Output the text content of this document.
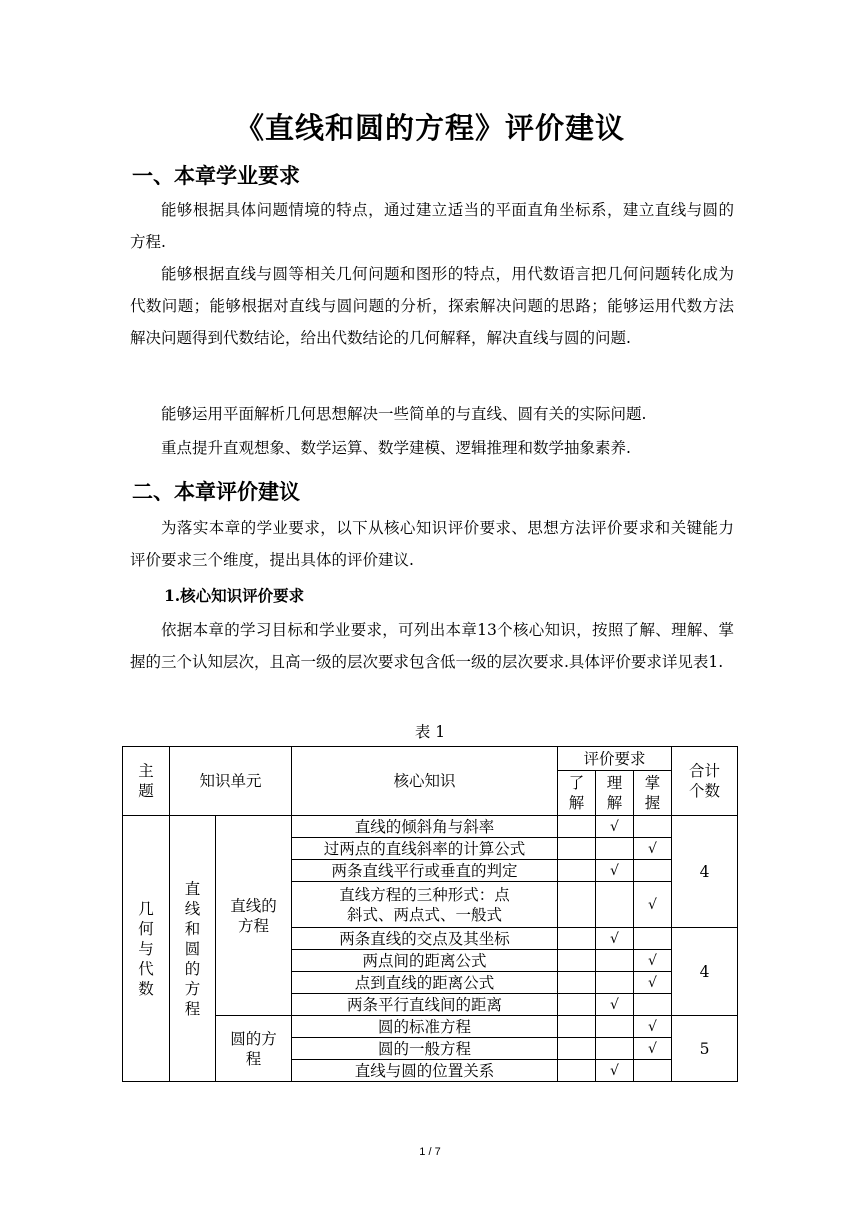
《直线和圆的方程》评价建议
一、本章学业要求

能够根据具体问题情境的特点，通过建立适当的平面直角坐标系，建立直线与圆的方程.

能够根据直线与圆等相关几何问题和图形的特点，用代数语言把几何问题转化成为代数问题；能够根据对直线与圆问题的分析，探索解决问题的思路；能够运用代数方法解决问题得到代数结论，给出代数结论的几何解释，解决直线与圆的问题.

能够运用平面解析几何思想解决一些简单的与直线、圆有关的实际问题.

重点提升直观想象、数学运算、数学建模、逻辑推理和数学抽象素养.

二、本章评价建议

为落实本章的学业要求，以下从核心知识评价要求、思想方法评价要求和关键能力评价要求三个维度，提出具体的评价建议.

1.核心知识评价要求

依据本章的学习目标和学业要求，可列出本章13个核心知识，按照了解、理解、掌握的三个认知层次，且高一级的层次要求包含低一级的层次要求.具体评价要求详见表1.

表 1
主题	知识单元		核心知识	评价要求			合计个数
				了解	理解	掌握	
几何与代数	直线和圆的方程	直线的方程	直线的倾斜角与斜率		√		4
			过两点的直线斜率的计算公式			√	
			两条直线平行或垂直的判定		√		
			直线方程的三种形式：点斜式、两点式、一般式			√	
			两条直线的交点及其坐标		√		4
			两点间的距离公式			√	
			点到直线的距离公式			√	
			两条平行直线间的距离		√		
		圆的方程	圆的标准方程			√	5
			圆的一般方程			√	
			直线与圆的位置关系		√		
1 / 7
